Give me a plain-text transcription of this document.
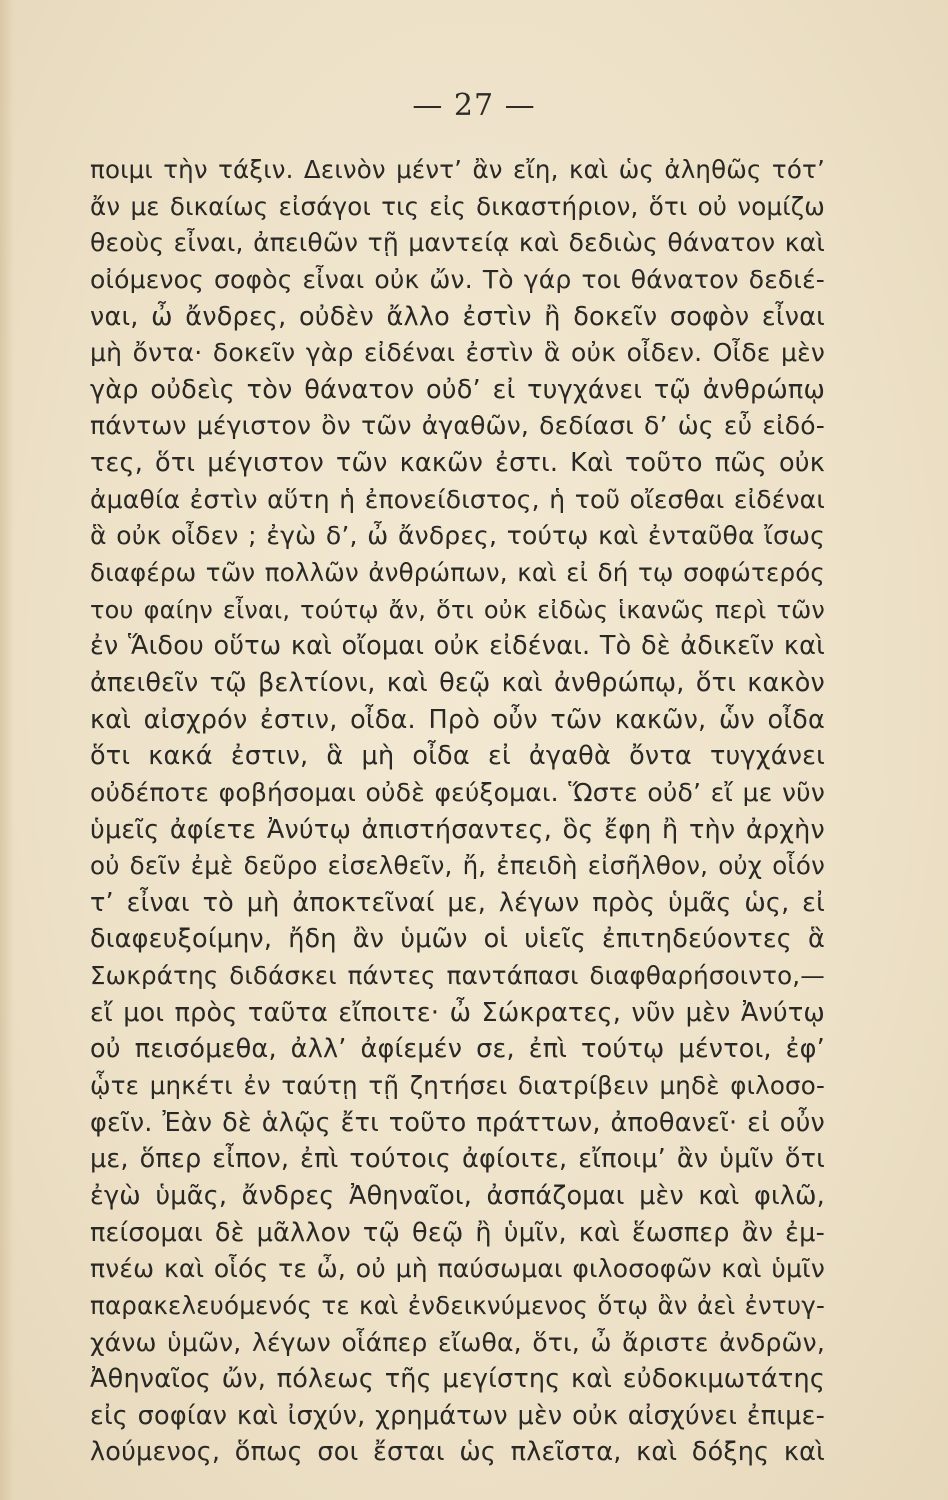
— 27 —
ποιμι τὴν τάξιν. Δεινὸν μέντ’ ἂν εἴη, καὶ ὡς ἀληθῶς τότ’
ἄν με δικαίως εἰσάγοι τις εἰς δικαστήριον, ὅτι οὐ νομίζω
θεοὺς εἶναι, ἀπειθῶν τῇ μαντείᾳ καὶ δεδιὼς θάνατον καὶ
οἰόμενος σοφὸς εἶναι οὐκ ὤν. Τὸ γάρ τοι θάνατον δεδιέ-
ναι, ὦ ἄνδρες, οὐδὲν ἄλλο ἐστὶν ἢ δοκεῖν σοφὸν εἶναι
μὴ ὄντα· δοκεῖν γὰρ εἰδέναι ἐστὶν ἃ οὐκ οἶδεν. Οἶδε μὲν
γὰρ οὐδεὶς τὸν θάνατον οὐδ’ εἰ τυγχάνει τῷ ἀνθρώπῳ
πάντων μέγιστον ὂν τῶν ἀγαθῶν, δεδίασι δ’ ὡς εὖ εἰδό-
τες, ὅτι μέγιστον τῶν κακῶν ἐστι. Καὶ τοῦτο πῶς οὐκ
ἀμαθία ἐστὶν αὕτη ἡ ἐπονείδιστος, ἡ τοῦ οἴεσθαι εἰδέναι
ἃ οὐκ οἶδεν ; ἐγὼ δ’, ὦ ἄνδρες, τούτῳ καὶ ἐνταῦθα ἴσως
διαφέρω τῶν πολλῶν ἀνθρώπων, καὶ εἰ δή τῳ σοφώτερός
του φαίην εἶναι, τούτῳ ἄν, ὅτι οὐκ εἰδὼς ἱκανῶς περὶ τῶν
ἐν Ἅιδου οὕτω καὶ οἴομαι οὐκ εἰδέναι. Τὸ δὲ ἀδικεῖν καὶ
ἀπειθεῖν τῷ βελτίονι, καὶ θεῷ καὶ ἀνθρώπῳ, ὅτι κακὸν
καὶ αἰσχρόν ἐστιν, οἶδα. Πρὸ οὖν τῶν κακῶν, ὧν οἶδα
ὅτι κακά ἐστιν, ἃ μὴ οἶδα εἰ ἀγαθὰ ὄντα τυγχάνει
οὐδέποτε φοβήσομαι οὐδὲ φεύξομαι. Ὥστε οὐδ’ εἴ με νῦν
ὑμεῖς ἀφίετε Ἀνύτῳ ἀπιστήσαντες, ὃς ἔφη ἢ τὴν ἀρχὴν
οὐ δεῖν ἐμὲ δεῦρο εἰσελθεῖν, ἤ, ἐπειδὴ εἰσῆλθον, οὐχ οἷόν
τ’ εἶναι τὸ μὴ ἀποκτεῖναί με, λέγων πρὸς ὑμᾶς ὡς, εἰ
διαφευξοίμην, ἤδη ἂν ὑμῶν οἱ υἱεῖς ἐπιτηδεύοντες ἃ
Σωκράτης διδάσκει πάντες παντάπασι διαφθαρήσοιντο,—
εἴ μοι πρὸς ταῦτα εἴποιτε· ὦ Σώκρατες, νῦν μὲν Ἀνύτῳ
οὐ πεισόμεθα, ἀλλ’ ἀφίεμέν σε, ἐπὶ τούτῳ μέντοι, ἐφ’
ᾧτε μηκέτι ἐν ταύτῃ τῇ ζητήσει διατρίβειν μηδὲ φιλοσο-
φεῖν. Ἐὰν δὲ ἁλῷς ἔτι τοῦτο πράττων, ἀποθανεῖ· εἰ οὖν
με, ὅπερ εἶπον, ἐπὶ τούτοις ἀφίοιτε, εἴποιμ’ ἂν ὑμῖν ὅτι
ἐγὼ ὑμᾶς, ἄνδρες Ἀθηναῖοι, ἀσπάζομαι μὲν καὶ φιλῶ,
πείσομαι δὲ μᾶλλον τῷ θεῷ ἢ ὑμῖν, καὶ ἕωσπερ ἂν ἐμ-
πνέω καὶ οἷός τε ὦ, οὐ μὴ παύσωμαι φιλοσοφῶν καὶ ὑμῖν
παρακελευόμενός τε καὶ ἐνδεικνύμενος ὅτῳ ἂν ἀεὶ ἐντυγ-
χάνω ὑμῶν, λέγων οἷάπερ εἴωθα, ὅτι, ὦ ἄριστε ἀνδρῶν,
Ἀθηναῖος ὤν, πόλεως τῆς μεγίστης καὶ εὐδοκιμωτάτης
εἰς σοφίαν καὶ ἰσχύν, χρημάτων μὲν οὐκ αἰσχύνει ἐπιμε-
λούμενος, ὅπως σοι ἔσται ὡς πλεῖστα, καὶ δόξης καὶ
